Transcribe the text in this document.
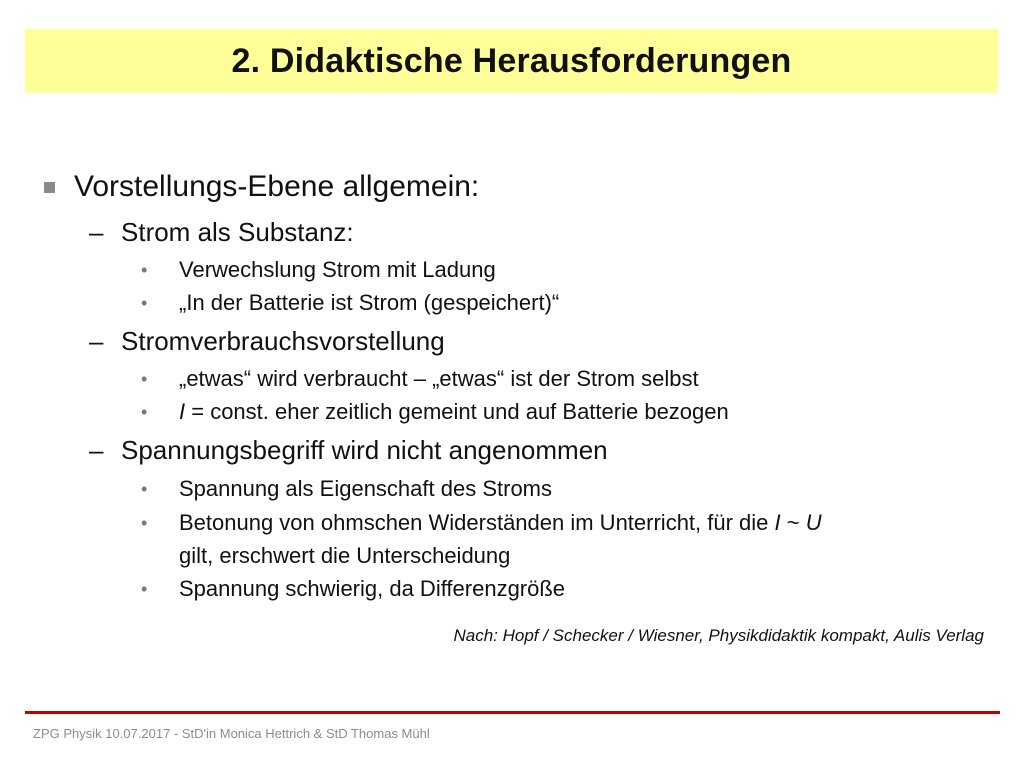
2. Didaktische Herausforderungen
Vorstellungs-Ebene allgemein:
– Strom als Substanz:
• Verwechslung Strom mit Ladung
• „In der Batterie ist Strom (gespeichert)“
– Stromverbrauchsvorstellung
• „etwas“ wird verbraucht – „etwas“ ist der Strom selbst
• I = const. eher zeitlich gemeint und auf Batterie bezogen
– Spannungsbegriff wird nicht angenommen
• Spannung als Eigenschaft des Stroms
• Betonung von ohmschen Widerständen im Unterricht, für die I ~ U
gilt, erschwert die Unterscheidung
• Spannung schwierig, da Differenzgröße
Nach: Hopf / Schecker / Wiesner, Physikdidaktik kompakt, Aulis Verlag
ZPG Physik 10.07.2017 - StD'in Monica Hettrich & StD Thomas Mühl
